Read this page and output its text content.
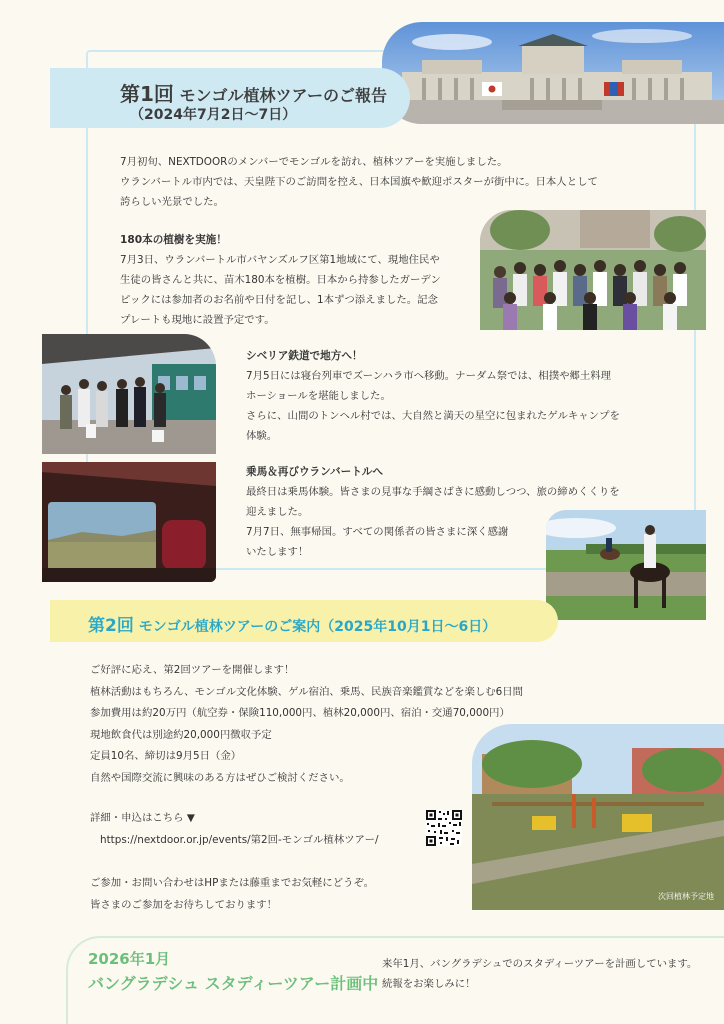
第1回 モンゴル植林ツアーのご報告
（2024年7月2日～7日）
7月初旬、NEXTDOORのメンバーでモンゴルを訪れ、植林ツアーを実施しました。
ウランバートル市内では、天皇陛下のご訪問を控え、日本国旗や歓迎ポスターが街中に。日本人として
誇らしい光景でした。
180本の植樹を実施！
7月3日、ウランバートル市バヤンズルフ区第1地域にて、現地住民や
生徒の皆さんと共に、苗木180本を植樹。日本から持参したガーデン
ピックには参加者のお名前や日付を記し、1本ずつ添えました。記念
プレートも現地に設置予定です。
シベリア鉄道で地方へ！
7月5日には寝台列車でズーンハラ市へ移動。ナーダム祭では、相撲や郷土料理
ホーショールを堪能しました。
さらに、山間のトンヘル村では、大自然と満天の星空に包まれたゲルキャンプを
体験。
乗馬＆再びウランバートルへ
最終日は乗馬体験。皆さまの見事な手綱さばきに感動しつつ、旅の締めくくりを
迎えました。
7月7日、無事帰国。すべての関係者の皆さまに深く感謝
いたします！
第2回 モンゴル植林ツアーのご案内（2025年10月1日～6日）
ご好評に応え、第2回ツアーを開催します！
植林活動はもちろん、モンゴル文化体験、ゲル宿泊、乗馬、民族音楽鑑賞などを楽しむ6日間
参加費用は約20万円（航空券・保険110,000円、植林20,000円、宿泊・交通70,000円）
現地飲食代は別途約20,000円徴収予定
定員10名、締切は9月5日（金）
自然や国際交流に興味のある方はぜひご検討ください。
詳細・申込はこちら ▼
https://nextdoor.or.jp/events/第2回-モンゴル植林ツアー/
ご参加・お問い合わせはHPまたは藤重までお気軽にどうぞ。
皆さまのご参加をお待ちしております！
次回植林予定地
2026年1月
バングラデシュ スタディーツアー計画中
来年1月、バングラデシュでのスタディーツアーを計画しています。
続報をお楽しみに！
